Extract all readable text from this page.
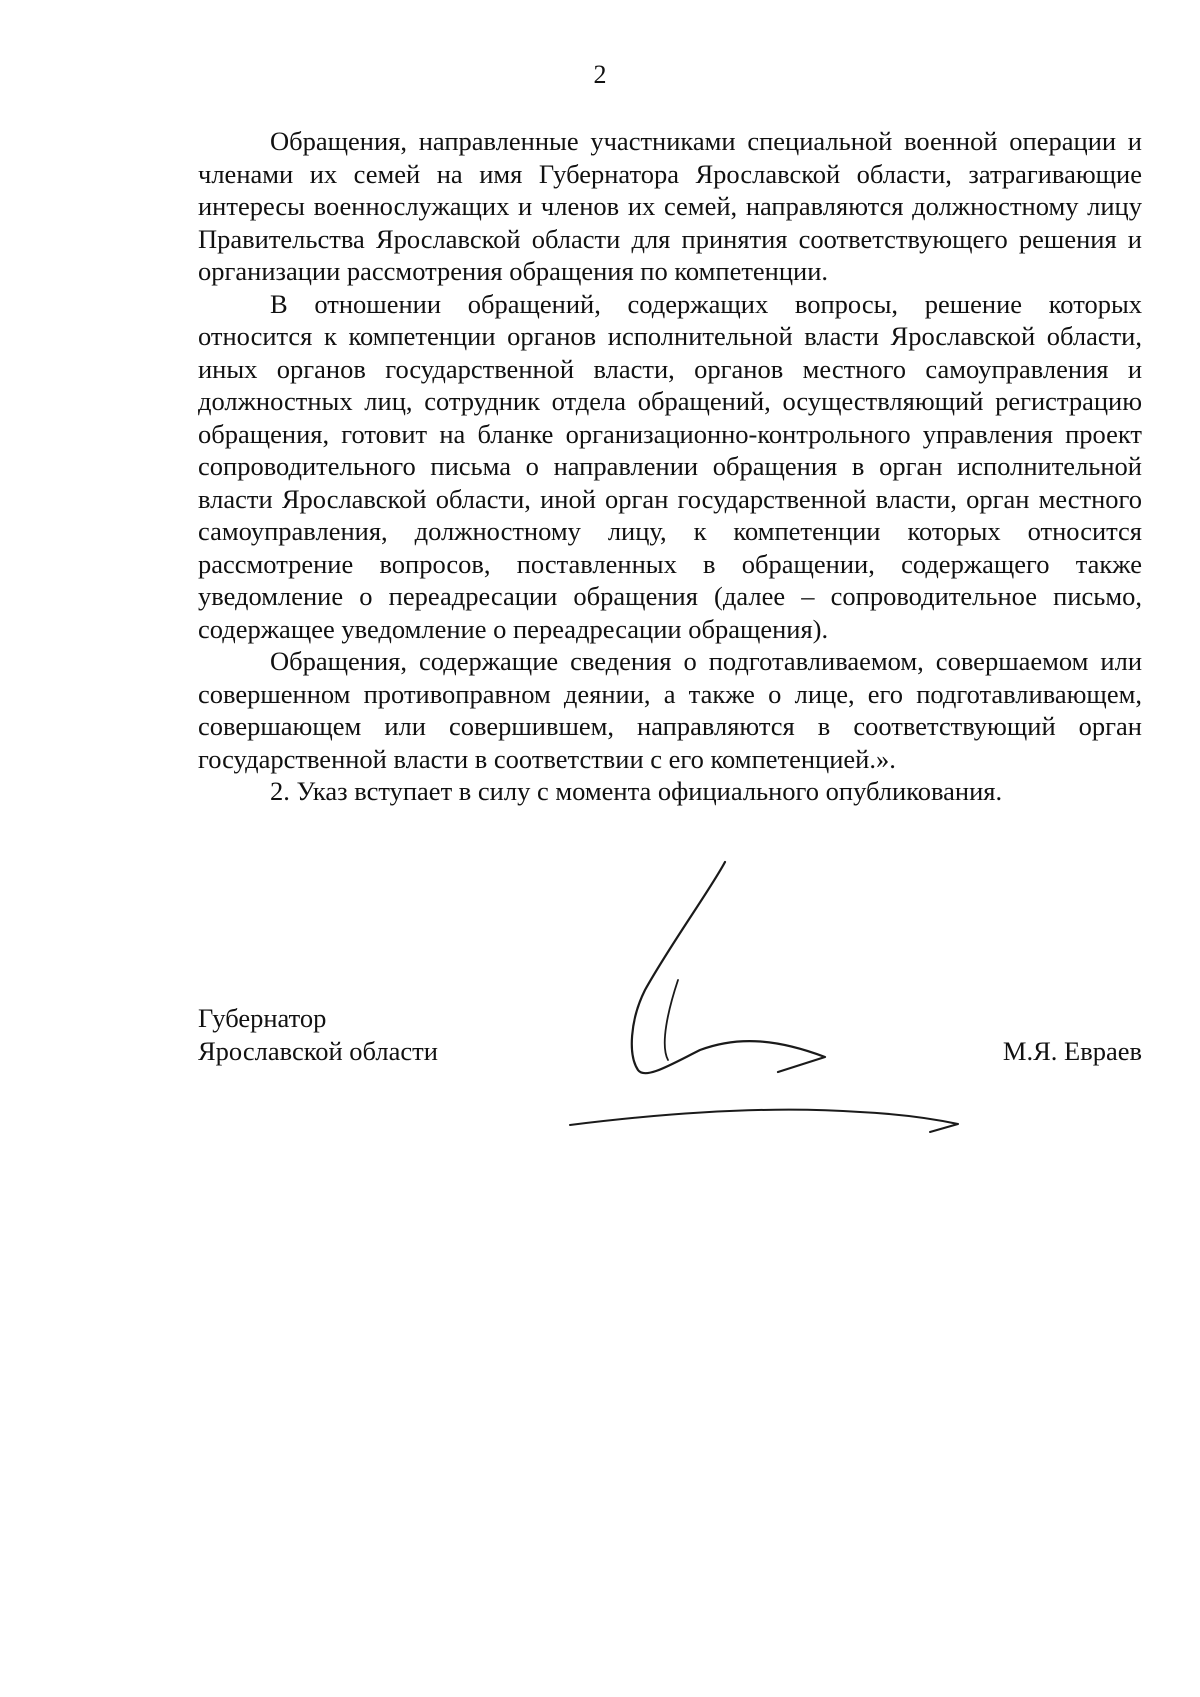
2

Обращения, направленные участниками специальной военной операции и членами их семей на имя Губернатора Ярославской области, затрагивающие интересы военнослужащих и членов их семей, направляются должностному лицу Правительства Ярославской области для принятия соответствующего решения и организации рассмотрения обращения по компетенции.

В отношении обращений, содержащих вопросы, решение которых относится к компетенции органов исполнительной власти Ярославской области, иных органов государственной власти, органов местного самоуправления и должностных лиц, сотрудник отдела обращений, осуществляющий регистрацию обращения, готовит на бланке организационно-контрольного управления проект сопроводительного письма о направлении обращения в орган исполнительной власти Ярославской области, иной орган государственной власти, орган местного самоуправления, должностному лицу, к компетенции которых относится рассмотрение вопросов, поставленных в обращении, содержащего также уведомление о переадресации обращения (далее – сопроводительное письмо, содержащее уведомление о переадресации обращения).

Обращения, содержащие сведения о подготавливаемом, совершаемом или совершенном противоправном деянии, а также о лице, его подготавливающем, совершающем или совершившем, направляются в соответствующий орган государственной власти в соответствии с его компетенцией.».

2. Указ вступает в силу с момента официального опубликования.

Губернатор
Ярославской области	М.Я. Евраев
